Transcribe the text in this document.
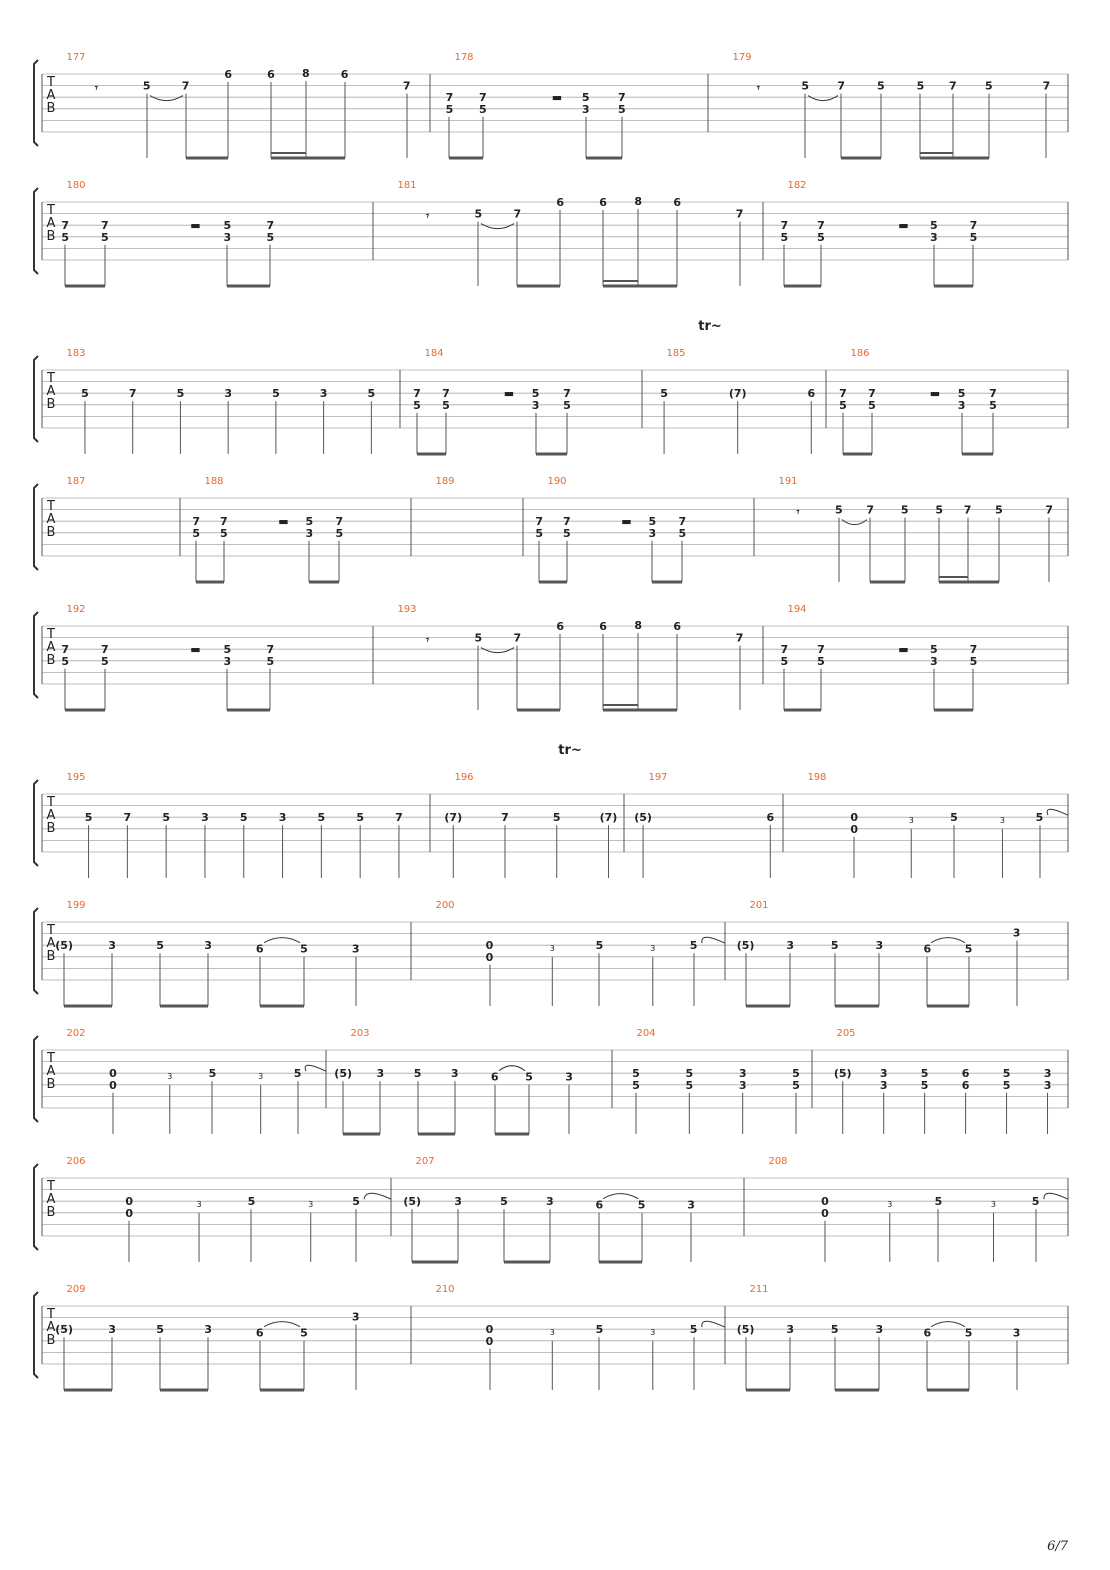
T
A
B
177
5	7
6	6 8	6
7
𝄾
178
7
5
7
5
5
3
7
5
▬
179
5	7	5	5 7	5	7
𝄾
T
A
B
180
7
5
7
5
5
3
7
5
▬
181
5	7
6	6 8	6
7
𝄾
182
7
5
7
5
5
3
7
5
▬
T
A
B
183
5	7	5	3	5	3	5
184
7
5
7
5
5
3
7
5
▬
185
5	(7)	6
186
7
5
7
5
5
3
7
5
▬
tr~
T
A
B
187	188
7
5
7
5
5
3
7
5
▬
189	190
7
5
7
5
5
3
7
5
▬
191
5 7 5 5 7 5	7
𝄾
T
A
B
192
7
5
7
5
5
3
7
5
▬
193
5	7
6	6 8	6
7
𝄾
194
7
5
7
5
5
3
7
5
▬
T
A
B
195
5	7	5	3	5	3	5	5	7
196
(7)	7	5	(7)
197
(5)	6
198
0
0
5	5
3	3
tr~
T
A
B
199
(5)	3	5	3	6	5	3
200
0
0
5	5
3	3
201
(5)	3	5	3	6	5
3
T
A
B
202
0
0
5	5
3	3
203
(5) 3	5	3	6 5	3
204
5
5
5
5
3
3
5
5
205
(5)	3
3
5
5
6
6
5
5
3
3
T
A
B
206
0
0
5	5
3	3
207
(5)	3	5	3	6	5	3
208
0
0
5	5
3	3
T
A
B
209
(5)	3	5	3	6	5
3
210
0
0
5	5
3	3
211
(5)	3	5	3	6	5	3
6/7
